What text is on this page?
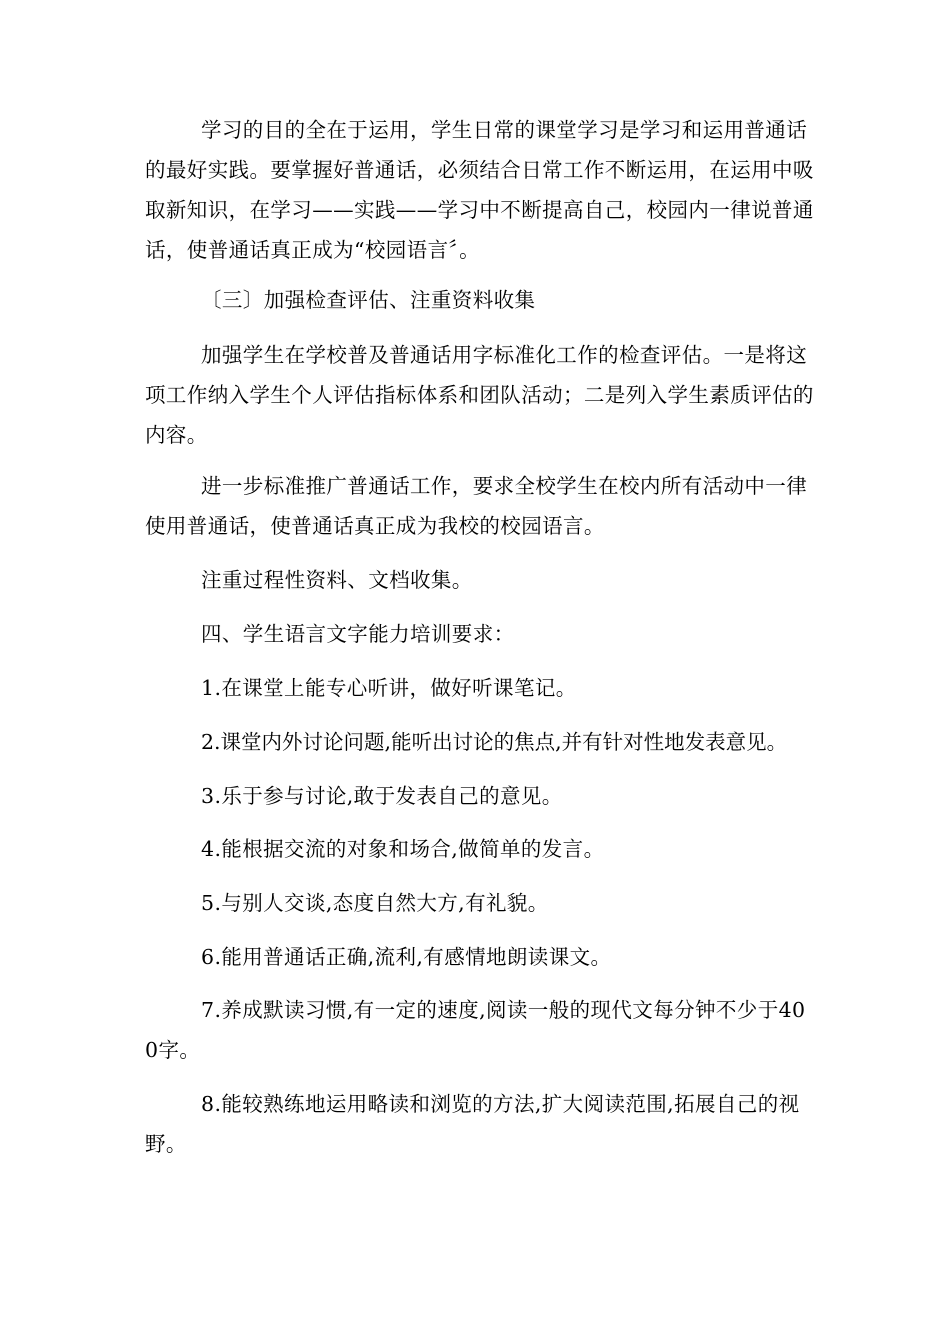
学习的目的全在于运用，学生日常的课堂学习是学习和运用普通话的最好实践。要掌握好普通话，必须结合日常工作不断运用，在运用中吸取新知识，在学习——实践——学习中不断提高自己，校园内一律说普通话，使普通话真正成为“校园语言〞。

〔三〕加强检查评估、注重资料收集

加强学生在学校普及普通话用字标准化工作的检查评估。一是将这项工作纳入学生个人评估指标体系和团队活动；二是列入学生素质评估的内容。

进一步标准推广普通话工作，要求全校学生在校内所有活动中一律使用普通话，使普通话真正成为我校的校园语言。

注重过程性资料、文档收集。

四、学生语言文字能力培训要求：

1.在课堂上能专心听讲，做好听课笔记。

2.课堂内外讨论问题,能听出讨论的焦点,并有针对性地发表意见。

3.乐于参与讨论,敢于发表自己的意见。

4.能根据交流的对象和场合,做简单的发言。

5.与别人交谈,态度自然大方,有礼貌。

6.能用普通话正确,流利,有感情地朗读课文。

7.养成默读习惯,有一定的速度,阅读一般的现代文每分钟不少于400字。

8.能较熟练地运用略读和浏览的方法,扩大阅读范围,拓展自己的视野。
